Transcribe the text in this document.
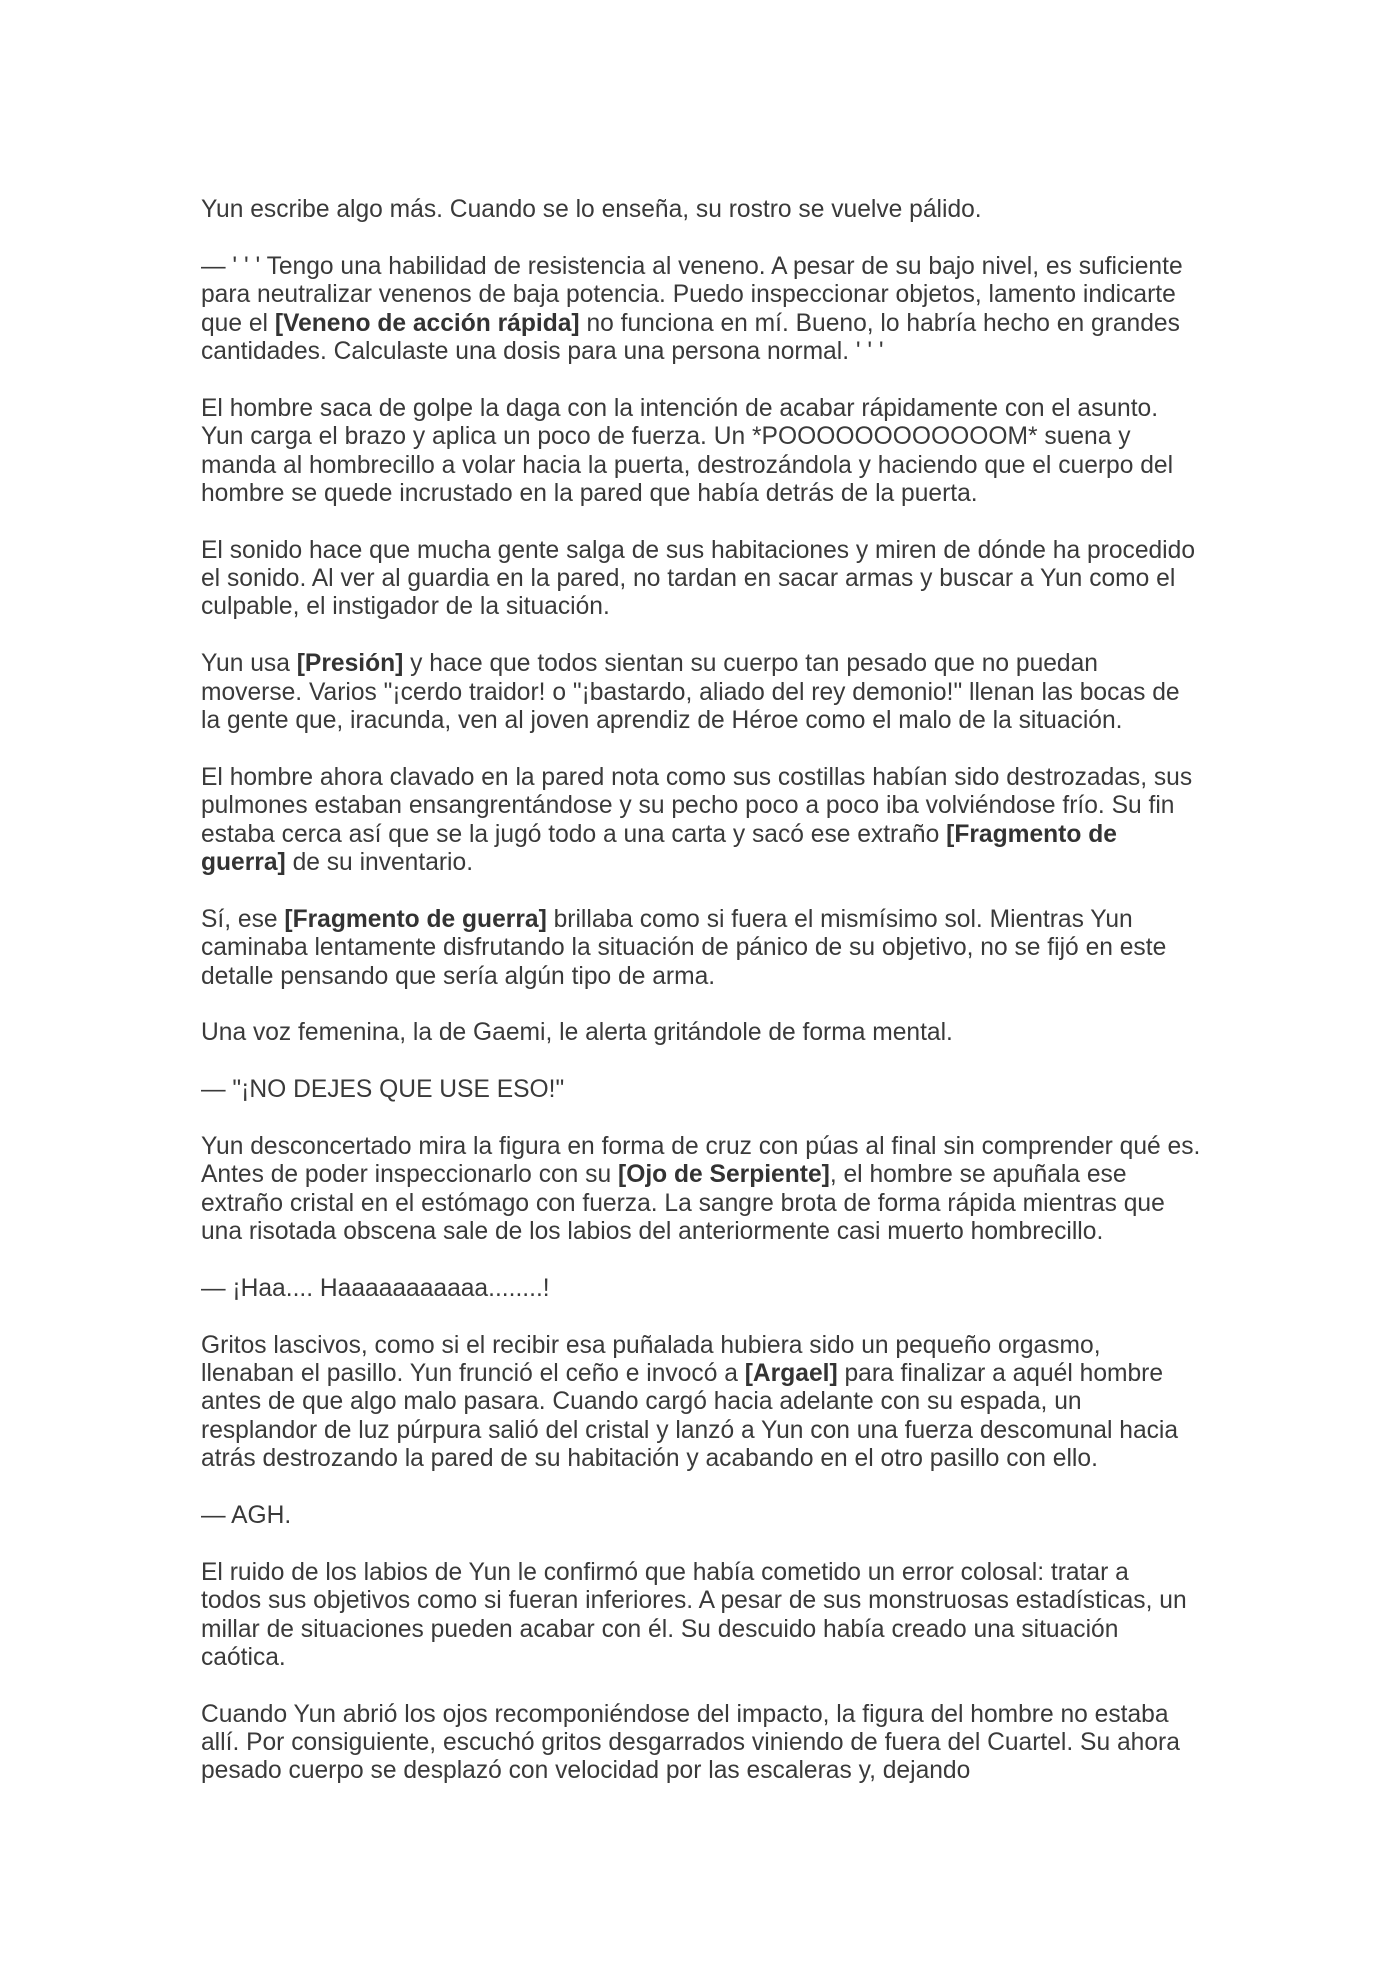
Yun escribe algo más. Cuando se lo enseña, su rostro se vuelve pálido.
— ' ' ' Tengo una habilidad de resistencia al veneno. A pesar de su bajo nivel, es suficiente
para neutralizar venenos de baja potencia. Puedo inspeccionar objetos, lamento indicarte
que el [Veneno de acción rápida] no funciona en mí. Bueno, lo habría hecho en grandes
cantidades. Calculaste una dosis para una persona normal. ' ' '
El hombre saca de golpe la daga con la intención de acabar rápidamente con el asunto.
Yun carga el brazo y aplica un poco de fuerza. Un *POOOOOOOOOOOOM* suena y
manda al hombrecillo a volar hacia la puerta, destrozándola y haciendo que el cuerpo del
hombre se quede incrustado en la pared que había detrás de la puerta.
El sonido hace que mucha gente salga de sus habitaciones y miren de dónde ha procedido
el sonido. Al ver al guardia en la pared, no tardan en sacar armas y buscar a Yun como el
culpable, el instigador de la situación.
Yun usa [Presión] y hace que todos sientan su cuerpo tan pesado que no puedan
moverse. Varios "¡cerdo traidor! o "¡bastardo, aliado del rey demonio!" llenan las bocas de
la gente que, iracunda, ven al joven aprendiz de Héroe como el malo de la situación.
El hombre ahora clavado en la pared nota como sus costillas habían sido destrozadas, sus
pulmones estaban ensangrentándose y su pecho poco a poco iba volviéndose frío. Su fin
estaba cerca así que se la jugó todo a una carta y sacó ese extraño [Fragmento de
guerra] de su inventario.
Sí, ese [Fragmento de guerra] brillaba como si fuera el mismísimo sol. Mientras Yun
caminaba lentamente disfrutando la situación de pánico de su objetivo, no se fijó en este
detalle pensando que sería algún tipo de arma.
Una voz femenina, la de Gaemi, le alerta gritándole de forma mental.
— "¡NO DEJES QUE USE ESO!"
Yun desconcertado mira la figura en forma de cruz con púas al final sin comprender qué es.
Antes de poder inspeccionarlo con su [Ojo de Serpiente], el hombre se apuñala ese
extraño cristal en el estómago con fuerza. La sangre brota de forma rápida mientras que
una risotada obscena sale de los labios del anteriormente casi muerto hombrecillo.
— ¡Haa.... Haaaaaaaaaaa........!
Gritos lascivos, como si el recibir esa puñalada hubiera sido un pequeño orgasmo,
llenaban el pasillo. Yun frunció el ceño e invocó a [Argael] para finalizar a aquél hombre
antes de que algo malo pasara. Cuando cargó hacia adelante con su espada, un
resplandor de luz púrpura salió del cristal y lanzó a Yun con una fuerza descomunal hacia
atrás destrozando la pared de su habitación y acabando en el otro pasillo con ello.
— AGH.
El ruido de los labios de Yun le confirmó que había cometido un error colosal: tratar a
todos sus objetivos como si fueran inferiores. A pesar de sus monstruosas estadísticas, un
millar de situaciones pueden acabar con él. Su descuido había creado una situación
caótica.
Cuando Yun abrió los ojos recomponiéndose del impacto, la figura del hombre no estaba
allí. Por consiguiente, escuchó gritos desgarrados viniendo de fuera del Cuartel. Su ahora
pesado cuerpo se desplazó con velocidad por las escaleras y, dejando
